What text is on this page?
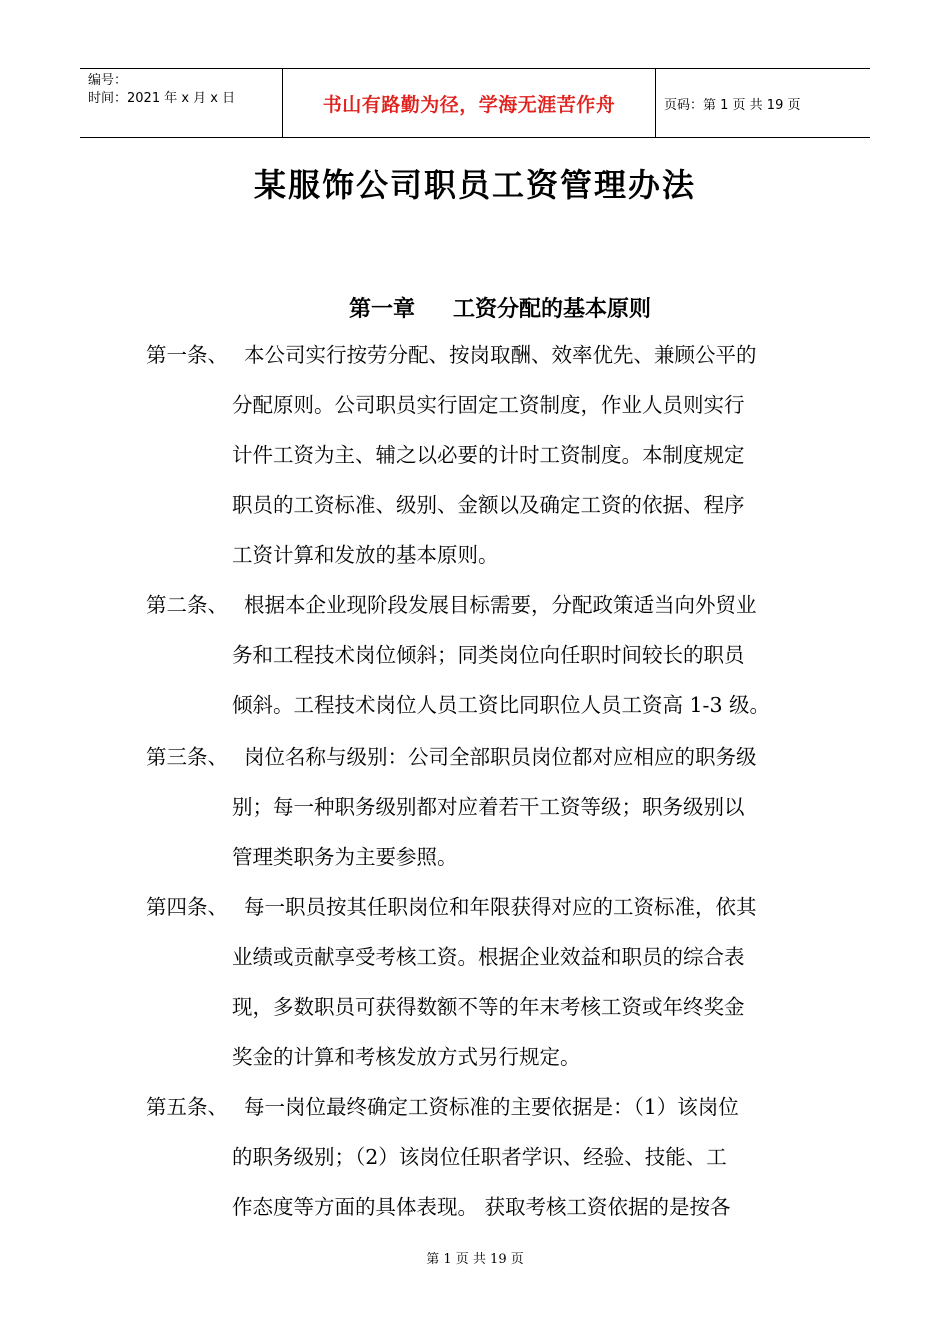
编号：
时间：2021 年 x 月 x 日	书山有路勤为径，学海无涯苦作舟	页码：第 1 页 共 19 页
某服饰公司职员工资管理办法
第一章 工资分配的基本原则
第一条、 本公司实行按劳分配、按岗取酬、效率优先、兼顾公平的
分配原则。公司职员实行固定工资制度，作业人员则实行
计件工资为主、辅之以必要的计时工资制度。本制度规定
职员的工资标准、级别、金额以及确定工资的依据、程序
工资计算和发放的基本原则。
第二条、 根据本企业现阶段发展目标需要，分配政策适当向外贸业
务和工程技术岗位倾斜；同类岗位向任职时间较长的职员
倾斜。工程技术岗位人员工资比同职位人员工资高 1-3 级。
第三条、 岗位名称与级别：公司全部职员岗位都对应相应的职务级
别；每一种职务级别都对应着若干工资等级；职务级别以
管理类职务为主要参照。
第四条、 每一职员按其任职岗位和年限获得对应的工资标准，依其
业绩或贡献享受考核工资。根据企业效益和职员的综合表
现，多数职员可获得数额不等的年末考核工资或年终奖金
奖金的计算和考核发放方式另行规定。
第五条、 每一岗位最终确定工资标准的主要依据是：（1）该岗位
的职务级别；（2）该岗位任职者学识、经验、技能、工
作态度等方面的具体表现。 获取考核工资依据的是按各
第 1 页 共 19 页
